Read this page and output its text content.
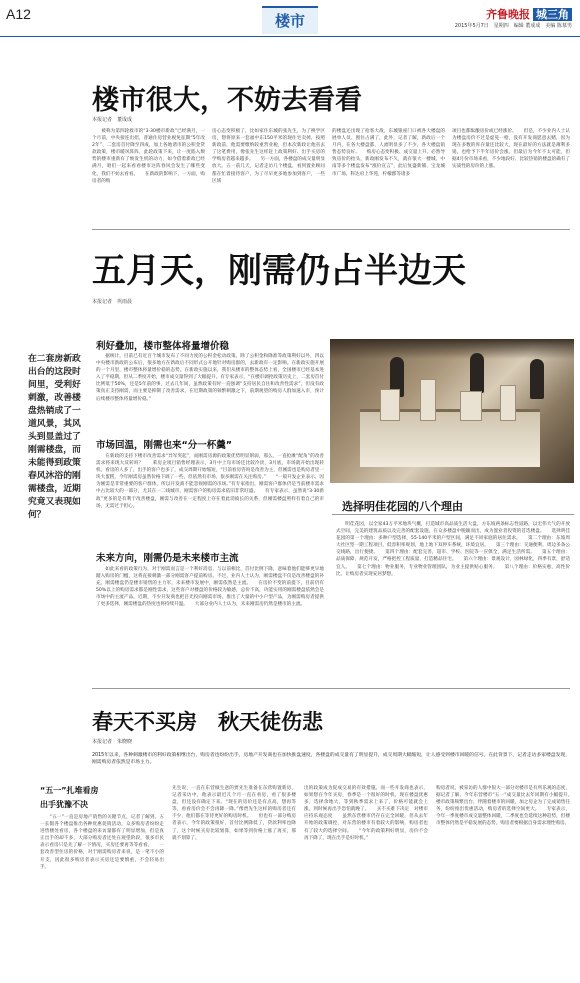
A12	楼市	齐鲁晚报 城三角
2015年5月7日　星期四　编辑 董成成　美编 陈慕男
楼市很大，不妨去看看
本报记者　董成成
　　被称为第四轮救市的“3·30楼市新政”已经满月，一个月前，中央接连出招，普通住房营业税免征期“5年改2年”、二套房首付降至四成，加上各地诸市的公积金贷款政策，楼市暖风阵阵，此轮政策下来，让一度陷入颓势的楼市重新有了焕发生机的动力，如今借着新政已经满月，咱们一起来看看楼市这阵春风会发生了哪些变化，我们不妨去看看。　　在新政的影响下，一方面，购房者的购
房心态变积极了，比如家住东城的张先生，为了换学区房，想将原来一套福中东150平米的现住宅卖掉，按照新政前，他需要缴纳较重营业税，但本次新政让他省去了这笔费用，像张先生这样赶上政策利好、出手买房的学购房者越来越多。　　另一方面，各楼盘的成交量明显放大。五一前几天，记者走访几个楼盘，看到置业顾问都在忙着接待客户，为了尽早更多地参加到客户，一些区域
的楼盘还出现了抢客大战，东城银座门口被各大楼盘的展单人员、围住占满了，此外，记者了解，新政后一个月内，在各大楼盘都，人流明显多了不少，各大楼盘销售态势良好。　　购房心态变积极、成交量上升、必然导致房价的抬头，新政刚发布不久，就有很大一楼城、中南等多个楼盘发布“涨价宣言”，此后复盛新铺、宝龙城市广场、科达府上华苑，柠檬郡等诸多
项目也都酝酿房价或已经涨价。　　但是，不少业内人士认为楼盘房价不过是虚晃一枪，没有开发商愿意去赌，因为现在多数的库存量还比较大，现在最好的方法就是薄利多销，也给予下半年房价会涨，但最后为今年不太可能，但据4月份市场来看，不少地段好、比较热销的楼盘的确有了实质性的房价的上涨。
五月天，刚需仍占半边天
本报记者　巩雨晨
在二套房新政出台的这段时间里，受利好刺激，改善楼盘热销成了一道风景，其风头到显盖过了刚需楼盘，而未能得到政策春风沐浴的刚需楼盘，近期究竟又表现如何？
利好叠加，楼市整体将量增价稳
　　据统计，目前已有近百个城市发布了不同力度的公积金松动政策。除了公积金和降准等政策利好以外，四以中央楼市新政的公布后，很多地方在新政后不同形式公开地针对购房群的，去新政有一定影响。在新政实施开展的一个月里，楼市整体将量增价稳的态势。在新政实施以来，我们从楼市的整体态势上看，全国楼市已经基本进入了平稳期，但从二季度开始，楼市成交量得到了大幅提升。有专家表示，“在楼市调控政策历史上，二套房首付比例低于50%，还是5年前的事，过去几年间，虽然政策有时一直强调“支持居民自住和改善性需求”，但没有政策真正支持刚需，而主要是抑制了改善需求，在近期政策的频繁刺激之下，前期观望的购房人群加速入市，预计后续楼市整体将量增价稳。”
市场回温，刚需也来“分一杯羹”
　　在新政的支持下楼市改善需求“异军突起”，而刚需房源的政策优势明显削弱，那么，一直抢滩“配角”的改善需求将来现大反转吗？　　莱房企项目销售经理表示，3月中上旬市场还比较冷淡，3月底，市场就开始出现转机，看房的人多了，出手的客户也多了，成交周期开始缩短，“目前看房咨询是改善为主，但刚需也是购房者里一块大蛋糕，今年刚需房虽然价格下调了一些，但依然有市场，很多刚需在关注购房。”　　“一般开发企业表示，因为刚需是非常重要的客户群体，所以开发商不能忽视刚需的市场。”有专家指出，刚需客户群体仍是当前楼市需求中占比较大的一部分，尤其在一二线城市，刚需客户的购房需求依旧非常旺盛。　　有专家表示，虽然说“3·30新政”更多的是有利于改善楼盘，刚需与改善在一定程度上存在着此消彼长的关系，但刚需楼盘照样有着自己的市场，无需过于担心。
未来方向，刚需仍是未来楼市主流
　　如此来看的政策行为，对于刚需而言是一个利好消息，与以前相比，首付比例下降，意味着他们能够更早地踏入购房的门槛，这将直接刺激一部分刚需客户提前购房。不过，业内人士认为，刚需楼盘不仅是改善楼盘的补充，刚需楼盘仍是楼市销售的主力军，未来楼市发展中，刚需依然是主流。　　在房价不变的前提下，目前仍有50%以上的购房需求都是刚性需求，这些客户对楼盘的价格较为敏感，总价不高，功能实用的刚需楼盘依然会是市场中的主流产品。近期，不少开发商也把目光投向刚需市场，推出了大量的中小户型产品，为刚需购房者提供了更多选择，刚需楼盘的热度也将持续升温。　　大部分业内人士认为，未来刚需房仍然是楼市的主流。
选择明佳花园的八个理由
　　明佳花园，以全家43万平米地块气概，打造城市高品质生活大盘，方东坡两条标志性道路，以宏伟大气的开放式空间，完美的建筑品质以及完善的配套设施，在众多楼盘中脱颖而出，成为置业者投资的首选楼盘。　　选择明佳花园的第一个理由：多种户型选择，55-140平米的户型区间，满足不同家庭的居住需求。　　第二个理由：东坡周大社区型一期工程项目，低容积率规划，地上地下双停车系统，环境宜居。　　第三个理由：交通便利，周边多条公交线路，出行便捷。　　第四个理由：配套完善，超市、学校、医院等一应俱全，满足生活所需。　　第五个理由：品质保障，规范开发，严格把控工程质量，打造精品住宅。　　第六个理由：景观设计，园林绿化，四季有景，舒适宜人。　　第七个理由：物业服务，专业物业管理团队，为业主提供贴心服务。　　第八个理由：价格实惠，高性价比，让购房者实现安居梦想。
春天不买房　秋天徒伤悲
本报记者　朱晓晓
2015年以来，各种刺激楼市的利好政策相继出台，购房者也纷纷出手，房地产开发商也在加快推盘速度，各楼盘的成交量有了明显提升，成交周期大幅缩短，让人感受到楼市回暖的信号。在此背景下，记者走访多家楼盘发现，刚需购房者依然是市场主力。
“五一”扎堆看房
出手犹豫不决
　　“五一”一直是房地产销售的关键节点，记者了解到，五一长假各个楼盘推出各种优惠促销活动，众多购房者纷纷走进售楼处看房，各个楼盘的来访量都有了明显增加，但是真正出手的却不多，大部分购房者还处在观望阶段，很多市民表示看房只是先了解一下情况，买房还要再等等看看。　　一套改善型住房的价格，对于刚需购房者来说，是一笔不小的开支，因此很多购房者表示买房还是要慎重，不会轻易出手。
先生说，一直在东营做生意的贾先生准备在东营购置新房，记者采访中，他表示最近几个月一直在看房，看了很多楼盘，但还没有确定下来。“现在的房价还是有点高，想再等等，看看房价会不会再降一降。”像贾先生这样的购房者还有不少，他们都在等待更好的购房时机。　　但也有一部分购房者表示，今年的政策很好，首付比例降低了，贷款利率也降了，这个时候买房比较划算，如果等到价格上涨了再买，那就不划算了。
出的政策成为促成交易的有效措施。而一些开发商也表示，如果想在今年买房，春季是一个很好的时机，现在楼盘优惠多，选择余地大，等到秋季需求上来了，价格可能就会上涨，到时候再出手恐怕就晚了。　　买不买难下决定　对楼市应持乐观态度　　虽然东营楼市仍存在完全回暖，但从去年开始的政策调控，对东营的楼市有着较大的影响，购房者也有了较大的选择空间。　　“今年的政策利好明显，房价不会再下降了，现在出手是好时机。”
购房者说，被采访的人群中很大一部分对楼市是有所乐观的态度，据记者了解，今年东营楼市“五一”成交量比去年同期有小幅提升。　　楼市政策频繁出台，伴随着楼市的回暖，加之房企为了完成销售任务，纷纷推出优惠活动，购房者的选择空间更大。　　专家表示，今年一季度楼市成交量整体回暖，二季度也会延续这种趋势，但楼市整体仍然是平稳发展的态势，购房者要根据自身需求理性购房。
